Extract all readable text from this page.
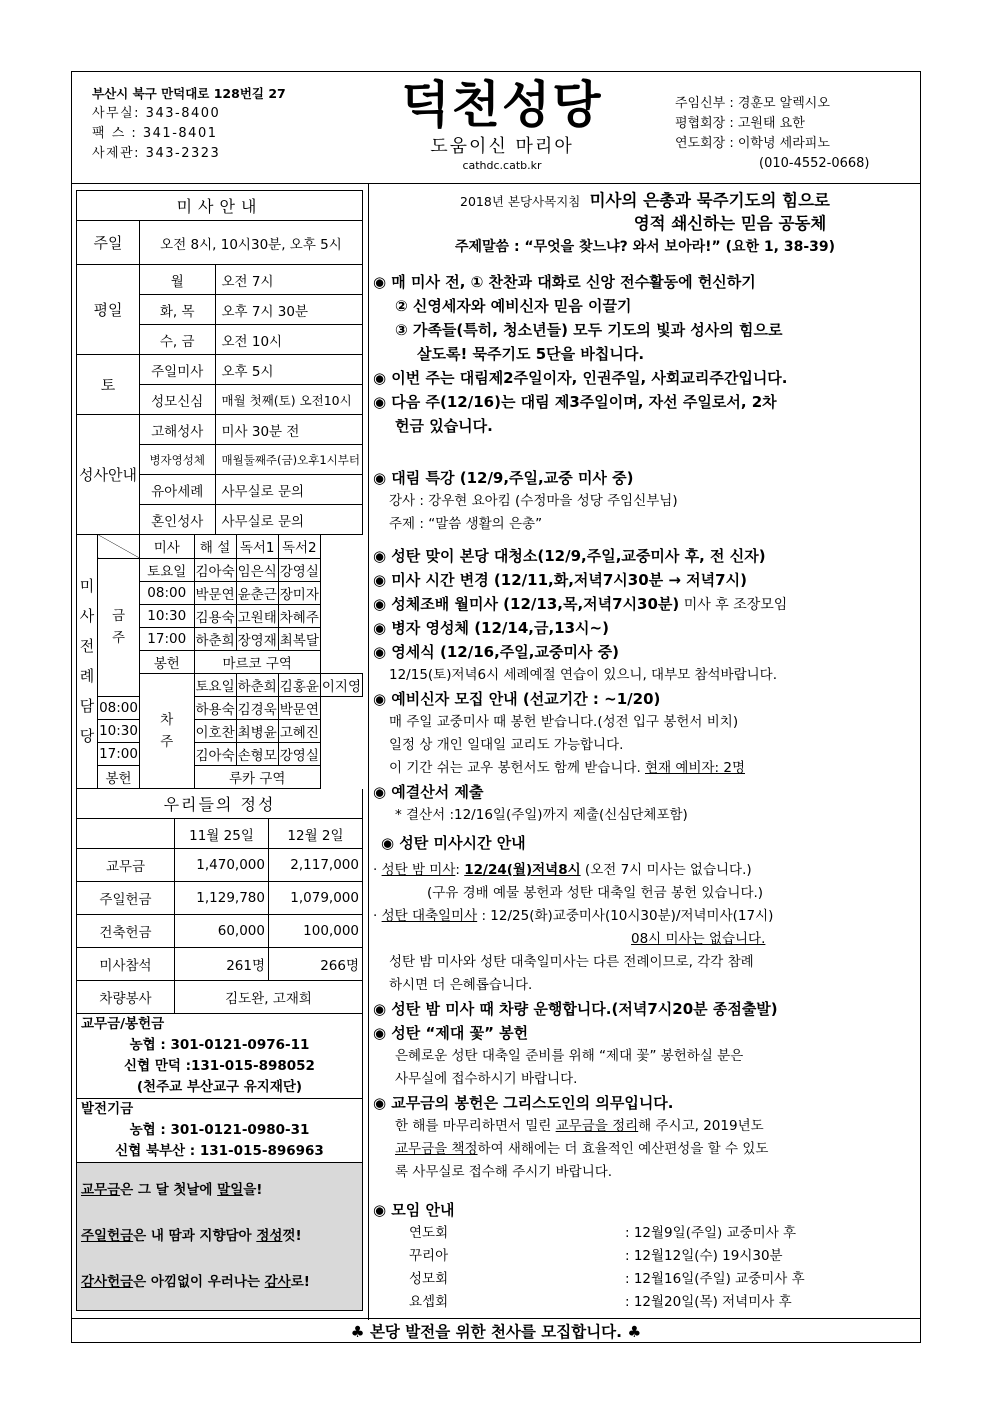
부산시 북구 만덕대로 128번길 27
사무실: 343-8400
팩 스 : 341-8401
사제관: 343-2323
덕천성당
도움이신 마리아
cathdc.catb.kr
주임신부 : 경훈모 알렉시오
평협회장 : 고원태 요한
연도회장 : 이학녕 세라피노
(010-4552-0668)
미사안내		
주일	오전 8시, 10시30분, 오후 5시	
평일	월	오전 7시
	화, 목	오후 7시 30분
	수, 금	오전 10시
토	주일미사	오후 5시
	성모신심	매월 첫째(토) 오전10시
성사안내	고해성사	미사 30분 전
	병자영성체	매월둘째주(금)오후1시부터
	유아세례	사무실로 문의
	혼인성사	사무실로 문의
미사전례담당		미사	해 설	독서1	독서2	
	금주	토요일	김아숙	임은식	강영실	
		08:00	박문연	윤춘근	장미자	
		10:30	김용숙	고원태	차혜주	
		17:00	하춘희	장영재	최복달	
		봉헌	마르코 구역			
		차주	토요일	하춘희	김홍윤	이지영
	08:00		하용숙	김경욱	박문연	
	10:30		이호찬	최병윤	고혜진	
	17:00		김아숙	손형모	강영실	
	봉헌		루카 구역			
우리들의 정성		
	11월 25일	12월 2일
교무금	1,470,000	2,117,000
주일헌금	1,129,780	1,079,000
건축헌금	60,000	100,000
미사참석	261명	266명
차량봉사	김도완, 고재희	
교무금/봉헌금
농협 : 301-0121-0976-11
신협 만덕 :131-015-898052
(천주교 부산교구 유지재단)
발전기금
농협 : 301-0121-0980-31
신협 북부산 : 131-015-896963
교무금은 그 달 첫날에 말일을!
주일헌금은 내 땀과 지향담아 정성껏!
감사헌금은 아낌없이 우러나는 감사로!
2018년 본당사목지침 미사의 은총과 묵주기도의 힘으로
영적 쇄신하는 믿음 공동체
주제말씀 : “무엇을 찾느냐? 와서 보아라!” (요한 1, 38-39)
◉ 매 미사 전, ① 찬찬과 대화로 신앙 전수활동에 헌신하기
② 신영세자와 예비신자 믿음 이끌기
③ 가족들(특히, 청소년들) 모두 기도의 빛과 성사의 힘으로
살도록! 묵주기도 5단을 바칩니다.
◉ 이번 주는 대림제2주일이자, 인권주일, 사회교리주간입니다.
◉ 다음 주(12/16)는 대림 제3주일이며, 자선 주일로서, 2차
헌금 있습니다.
◉ 대림 특강 (12/9,주일,교중 미사 중)
강사 : 강우현 요아킴 (수정마을 성당 주임신부님)
주제 : “말씀 생활의 은총”
◉ 성탄 맞이 본당 대청소(12/9,주일,교중미사 후, 전 신자)
◉ 미사 시간 변경 (12/11,화,저녁7시30분 → 저녁7시)
◉ 성체조배 월미사 (12/13,목,저녁7시30분) 미사 후 조장모임
◉ 병자 영성체 (12/14,금,13시~)
◉ 영세식 (12/16,주일,교중미사 중)
12/15(토)저녁6시 세례예절 연습이 있으니, 대부모 참석바랍니다.
◉ 예비신자 모집 안내 (선교기간 : ~1/20)
매 주일 교중미사 때 봉헌 받습니다.(성전 입구 봉헌서 비치)
일정 상 개인 일대일 교리도 가능합니다.
이 기간 쉬는 교우 봉헌서도 함께 받습니다. 현재 예비자: 2명
◉ 예결산서 제출
* 결산서 :12/16일(주일)까지 제출(신심단체포함)
◉ 성탄 미사시간 안내
· 성탄 밤 미사: 12/24(월)저녁8시 (오전 7시 미사는 없습니다.)
(구유 경배 예물 봉헌과 성탄 대축일 헌금 봉헌 있습니다.)
· 성탄 대축일미사 : 12/25(화)교중미사(10시30분)/저녁미사(17시)
08시 미사는 없습니다.
성탄 밤 미사와 성탄 대축일미사는 다른 전례이므로, 각각 참례
하시면 더 은혜롭습니다.
◉ 성탄 밤 미사 때 차량 운행합니다.(저녁7시20분 종점출발)
◉ 성탄 “제대 꽃” 봉헌
은혜로운 성탄 대축일 준비를 위해 “제대 꽃” 봉헌하실 분은
사무실에 접수하시기 바랍니다.
◉ 교무금의 봉헌은 그리스도인의 의무입니다.
한 해를 마무리하면서 밀린 교무금을 정리해 주시고, 2019년도
교무금을 책정하여 새해에는 더 효율적인 예산편성을 할 수 있도
록 사무실로 접수해 주시기 바랍니다.
◉ 모임 안내
연도회	: 12월9일(주일) 교중미사 후
꾸리아	: 12월12일(수) 19시30분
성모회	: 12월16일(주일) 교중미사 후
요셉회	: 12월20일(목) 저녁미사 후
♣ 본당 발전을 위한 천사를 모집합니다. ♣
